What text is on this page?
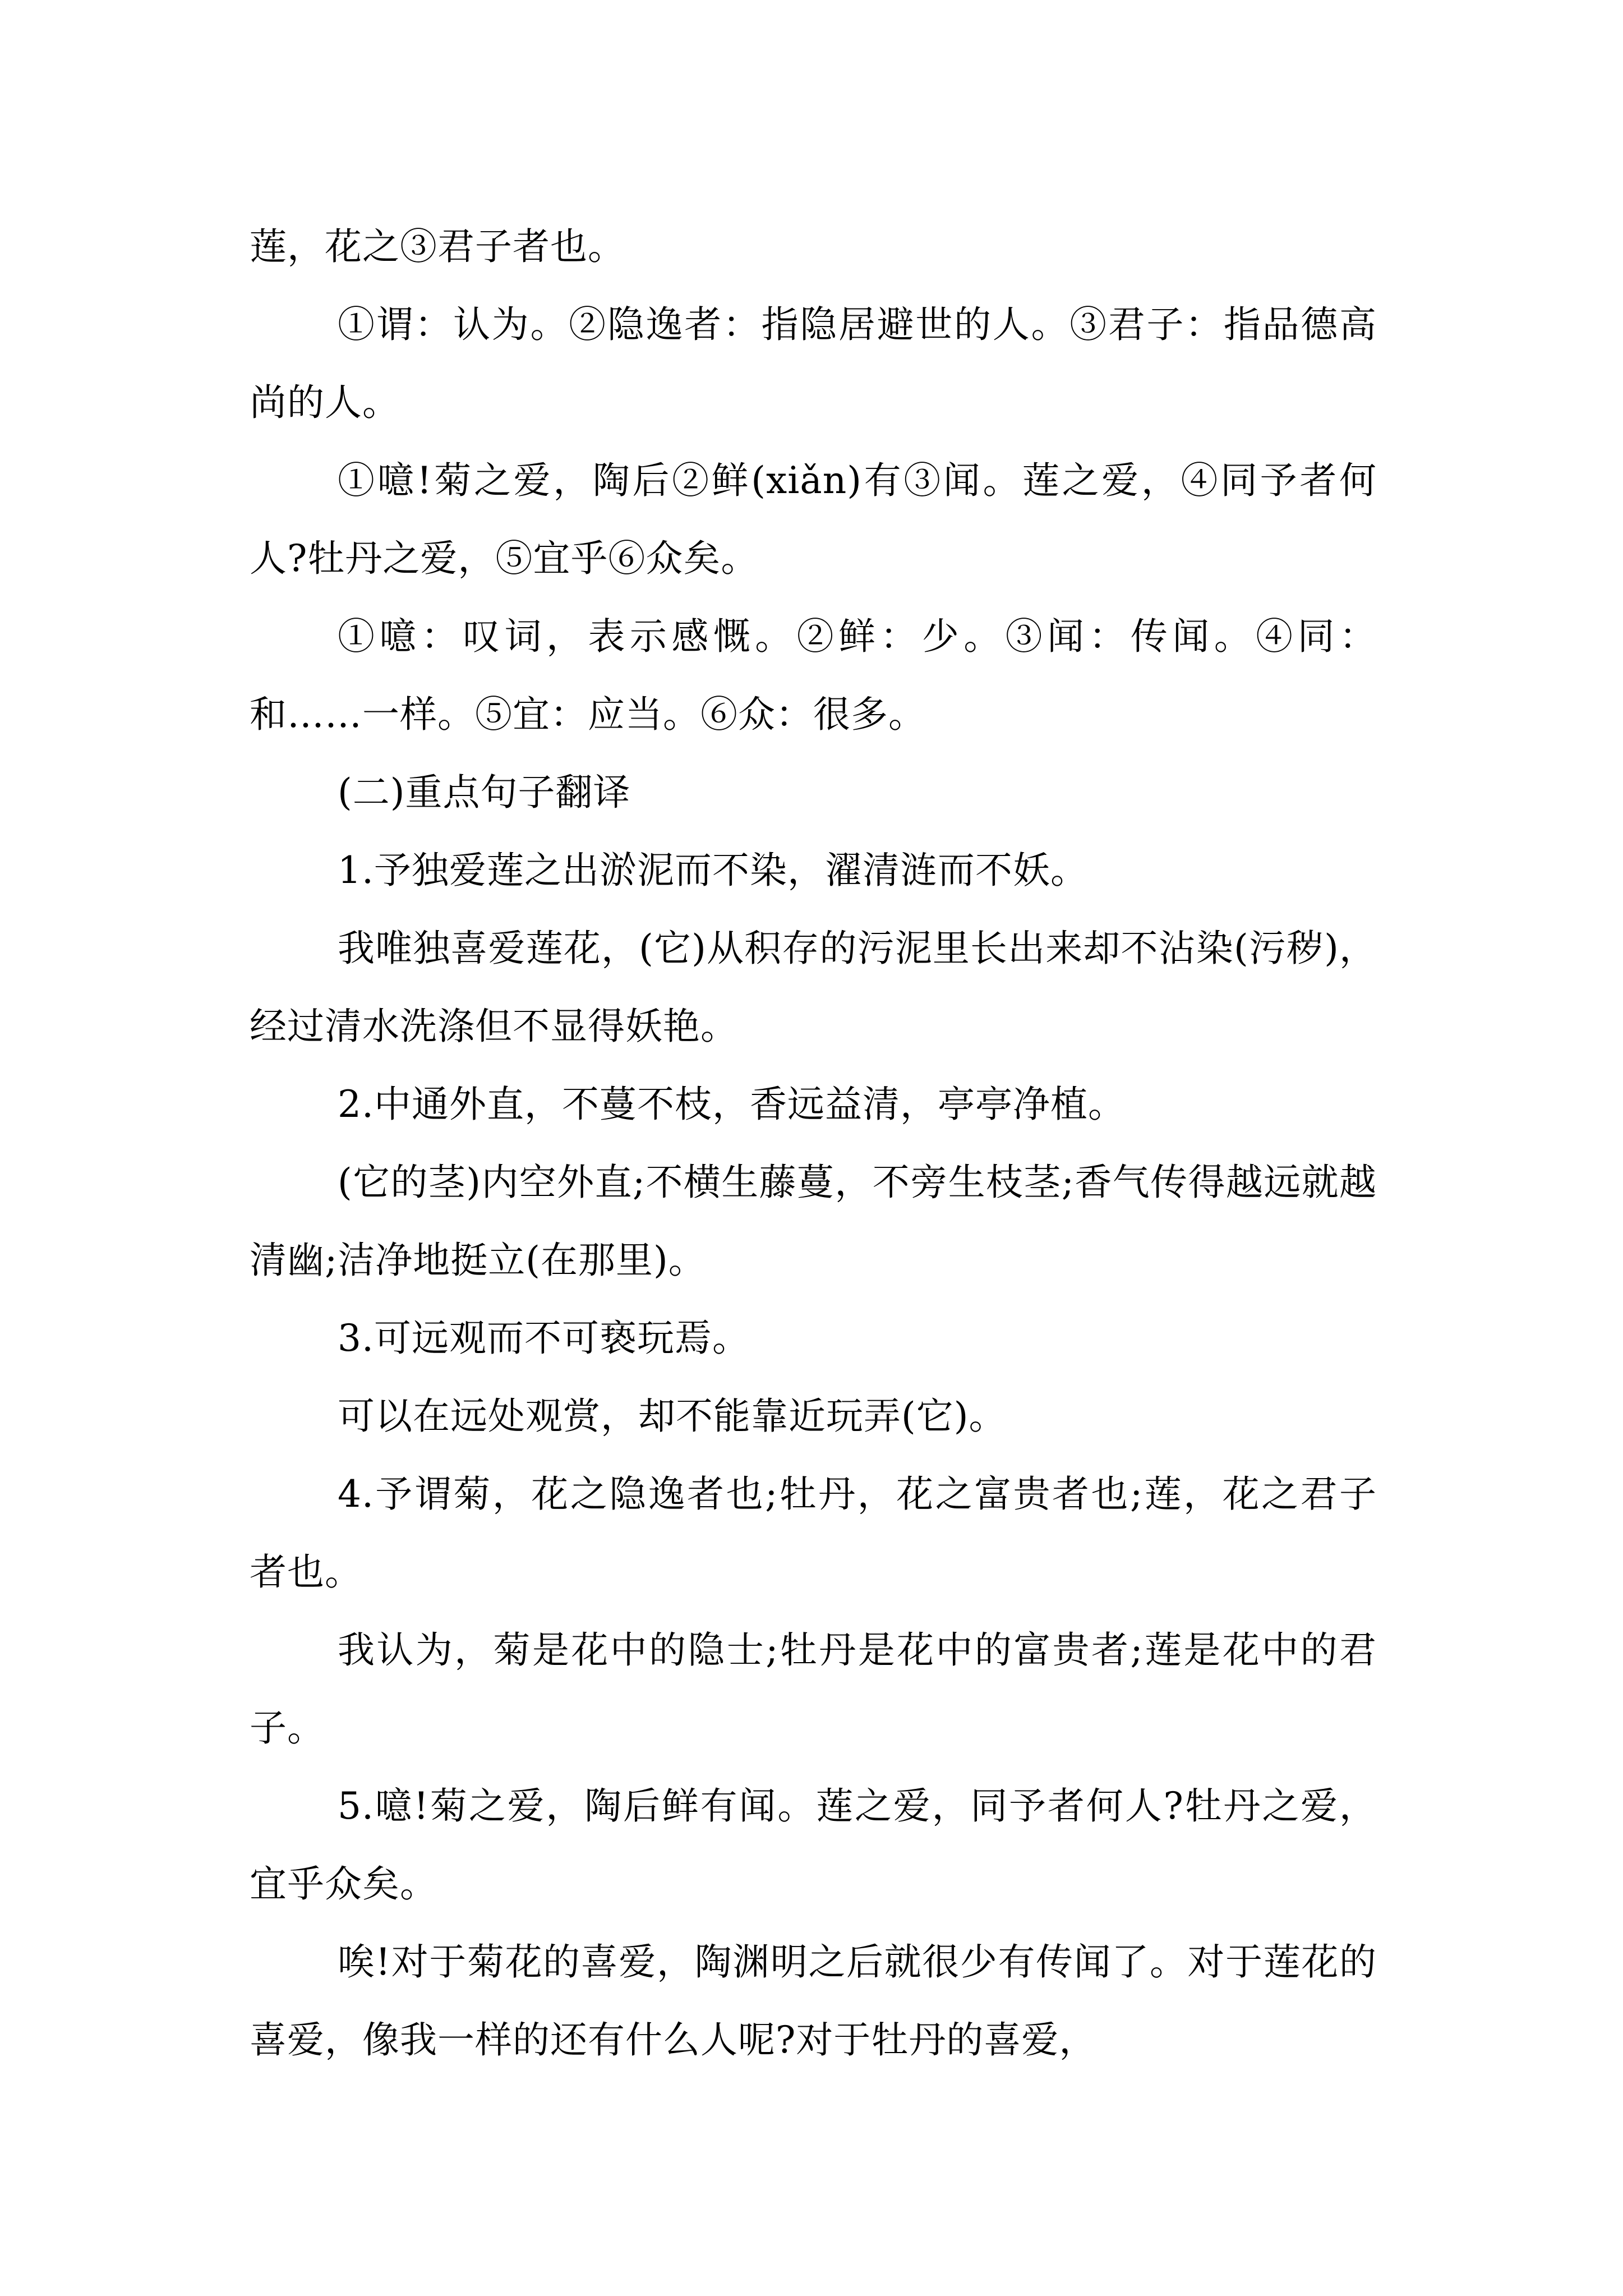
莲，花之③君子者也。

①谓：认为。②隐逸者：指隐居避世的人。③君子：指品德高尚的人。

①噫!菊之爱，陶后②鲜(xiǎn)有③闻。莲之爱，④同予者何人?牡丹之爱，⑤宜乎⑥众矣。

①噫：叹词，表示感慨。②鲜：少。③闻：传闻。④同：和……一样。⑤宜：应当。⑥众：很多。

(二)重点句子翻译

1.予独爱莲之出淤泥而不染，濯清涟而不妖。

我唯独喜爱莲花，(它)从积存的污泥里长出来却不沾染(污秽)，经过清水洗涤但不显得妖艳。

2.中通外直，不蔓不枝，香远益清，亭亭净植。

(它的茎)内空外直;不横生藤蔓，不旁生枝茎;香气传得越远就越清幽;洁净地挺立(在那里)。

3.可远观而不可亵玩焉。

可以在远处观赏，却不能靠近玩弄(它)。

4.予谓菊，花之隐逸者也;牡丹，花之富贵者也;莲，花之君子者也。

我认为，菊是花中的隐士;牡丹是花中的富贵者;莲是花中的君子。

5.噫!菊之爱，陶后鲜有闻。莲之爱，同予者何人?牡丹之爱，宜乎众矣。

唉!对于菊花的喜爱，陶渊明之后就很少有传闻了。对于莲花的喜爱，像我一样的还有什么人呢?对于牡丹的喜爱，
